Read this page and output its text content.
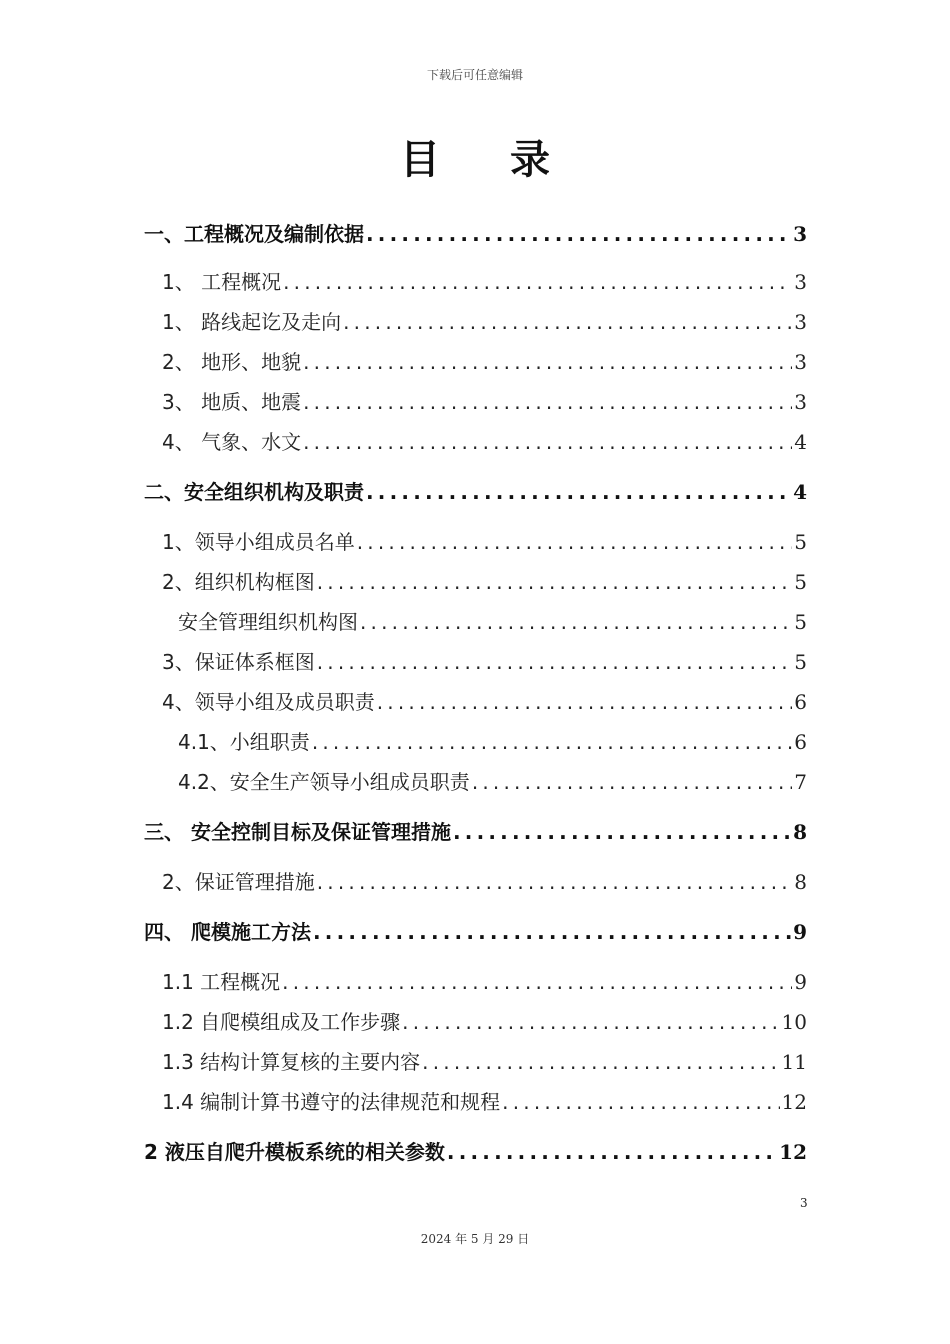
下载后可任意编辑
目 录
一、工程概况及编制依据 .....	3
1、 工程概况 .....	3
1、 路线起讫及走向 .....	3
2、 地形、地貌 .....	3
3、 地质、地震 .....	3
4、 气象、水文 .....	4
二、安全组织机构及职责 .....	4
1、领导小组成员名单 .....	5
2、组织机构框图 .....	5
安全管理组织机构图 .....	5
3、保证体系框图 .....	5
4、领导小组及成员职责 .....	6
4.1、小组职责 .....	6
4.2、安全生产领导小组成员职责 .....	7
三、 安全控制目标及保证管理措施 .....	8
2、保证管理措施 .....	8
四、 爬模施工方法 .....	9
1.1 工程概况 .....	9
1.2 自爬模组成及工作步骤 .....	10
1.3 结构计算复核的主要内容 .....	11
1.4 编制计算书遵守的法律规范和规程 .....	12
2 液压自爬升模板系统的相关参数 .....	12
3
2024 年 5 月 29 日
